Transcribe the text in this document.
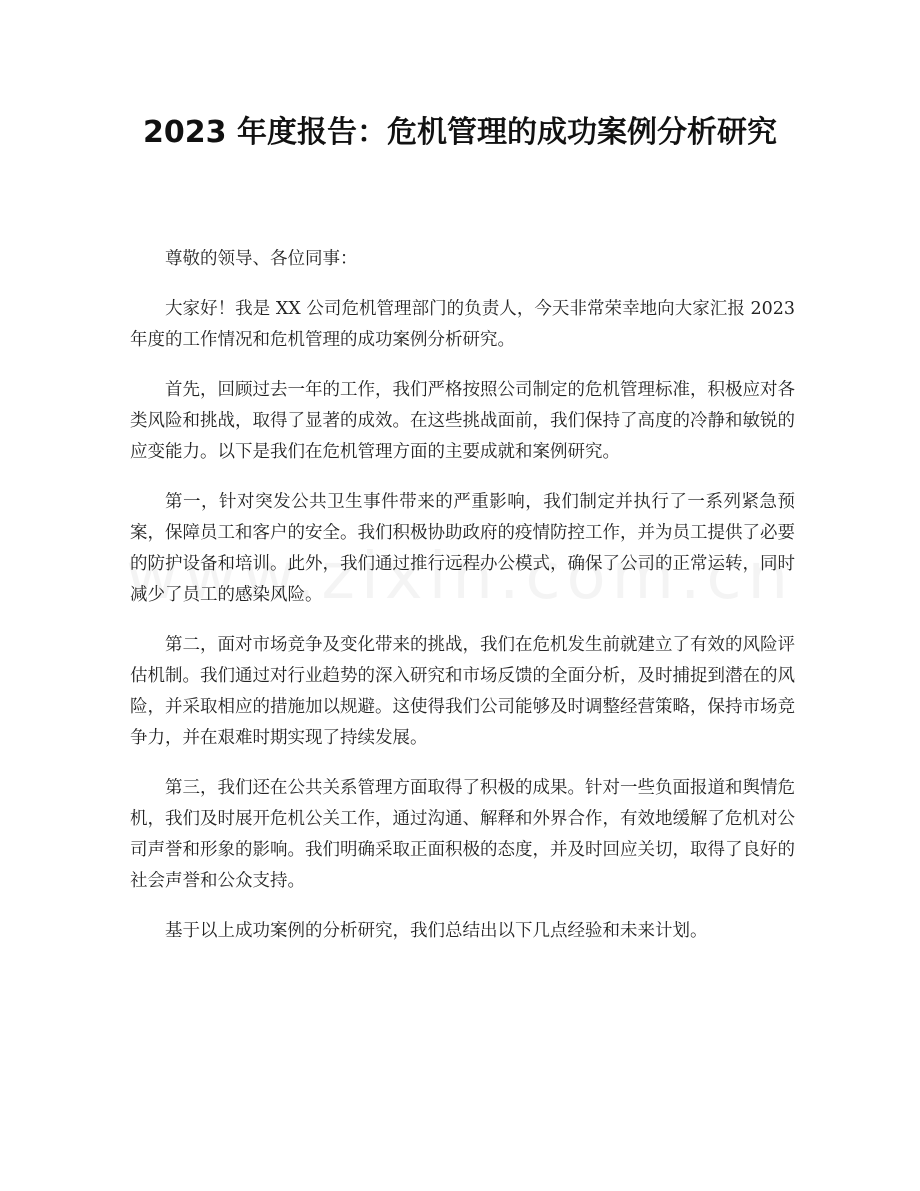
2023 年度报告：危机管理的成功案例分析研究

尊敬的领导、各位同事：

大家好！我是 XX 公司危机管理部门的负责人，今天非常荣幸地向大家汇报 2023 年度的工作情况和危机管理的成功案例分析研究。

首先，回顾过去一年的工作，我们严格按照公司制定的危机管理标准，积极应对各类风险和挑战，取得了显著的成效。在这些挑战面前，我们保持了高度的冷静和敏锐的应变能力。以下是我们在危机管理方面的主要成就和案例研究。

第一，针对突发公共卫生事件带来的严重影响，我们制定并执行了一系列紧急预案，保障员工和客户的安全。我们积极协助政府的疫情防控工作，并为员工提供了必要的防护设备和培训。此外，我们通过推行远程办公模式，确保了公司的正常运转，同时减少了员工的感染风险。

第二，面对市场竞争及变化带来的挑战，我们在危机发生前就建立了有效的风险评估机制。我们通过对行业趋势的深入研究和市场反馈的全面分析，及时捕捉到潜在的风险，并采取相应的措施加以规避。这使得我们公司能够及时调整经营策略，保持市场竞争力，并在艰难时期实现了持续发展。

第三，我们还在公共关系管理方面取得了积极的成果。针对一些负面报道和舆情危机，我们及时展开危机公关工作，通过沟通、解释和外界合作，有效地缓解了危机对公司声誉和形象的影响。我们明确采取正面积极的态度，并及时回应关切，取得了良好的社会声誉和公众支持。

基于以上成功案例的分析研究，我们总结出以下几点经验和未来计划。
